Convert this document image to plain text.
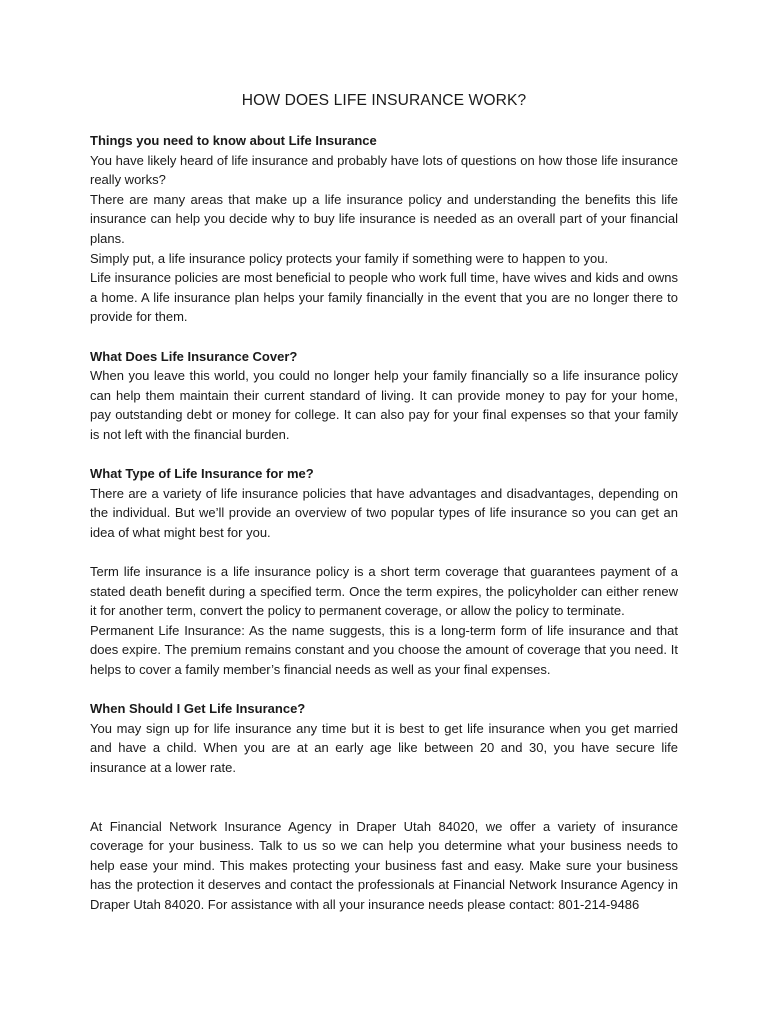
HOW DOES LIFE INSURANCE WORK?
Things you need to know about Life Insurance

You have likely heard of life insurance and probably have lots of questions on how those life insurance really works?

There are many areas that make up a life insurance policy and understanding the benefits this life insurance can help you decide why to buy life insurance is needed as an overall part of your financial plans.

Simply put, a life insurance policy protects your family if something were to happen to you.

Life insurance policies are most beneficial to people who work full time, have wives and kids and owns a home. A life insurance plan helps your family financially in the event that you are no longer there to provide for them.

What Does Life Insurance Cover?

When you leave this world, you could no longer help your family financially so a life insurance policy can help them maintain their current standard of living. It can provide money to pay for your home, pay outstanding debt or money for college. It can also pay for your final expenses so that your family is not left with the financial burden.

What Type of Life Insurance for me?

There are a variety of life insurance policies that have advantages and disadvantages, depending on the individual. But we’ll provide an overview of two popular types of life insurance so you can get an idea of what might best for you.

Term life insurance is a life insurance policy is a short term coverage that guarantees payment of a stated death benefit during a specified term. Once the term expires, the policyholder can either renew it for another term, convert the policy to permanent coverage, or allow the policy to terminate.

Permanent Life Insurance: As the name suggests, this is a long-term form of life insurance and that does expire. The premium remains constant and you choose the amount of coverage that you need. It helps to cover a family member’s financial needs as well as your final expenses.

When Should I Get Life Insurance?

You may sign up for life insurance any time but it is best to get life insurance when you get married and have a child. When you are at an early age like between 20 and 30, you have secure life insurance at a lower rate.

At Financial Network Insurance Agency in Draper Utah 84020, we offer a variety of insurance coverage for your business. Talk to us so we can help you determine what your business needs to help ease your mind. This makes protecting your business fast and easy. Make sure your business has the protection it deserves and contact the professionals at Financial Network Insurance Agency in Draper Utah 84020. For assistance with all your insurance needs please contact: 801-214-9486
